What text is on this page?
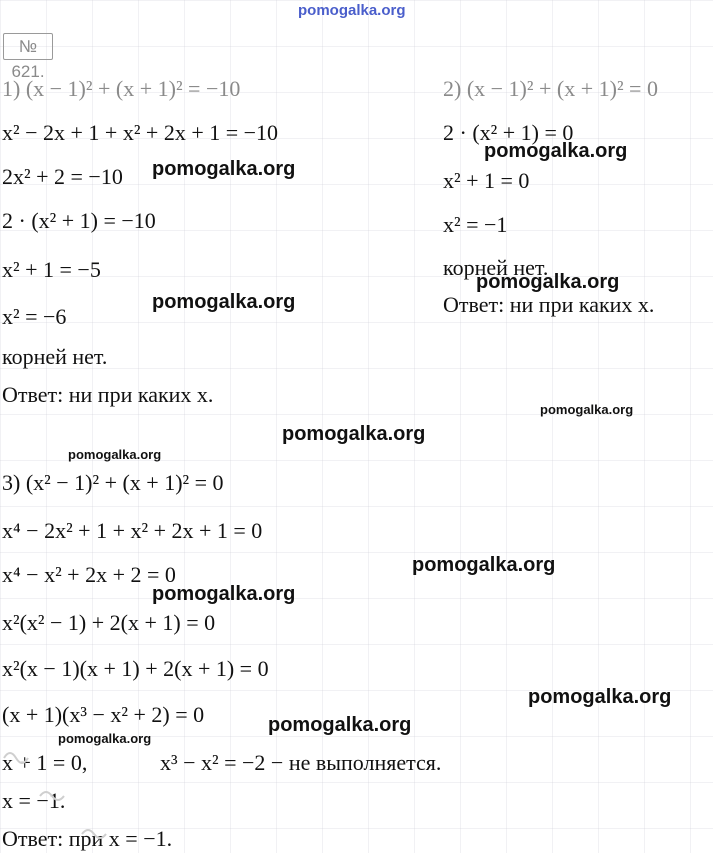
pomogalka.org
№ 621.
1) (x − 1)² + (x + 1)² = −10
x² − 2x + 1 + x² + 2x + 1 = −10
2x² + 2 = −10
2 · (x² + 1) = −10
x² + 1 = −5
x² = −6
корней нет.
Ответ: ни при каких x.
2) (x − 1)² + (x + 1)² = 0
2 · (x² + 1) = 0
x² + 1 = 0
x² = −1
корней нет.
Ответ: ни при каких x.
3) (x² − 1)² + (x + 1)² = 0
x⁴ − 2x² + 1 + x² + 2x + 1 = 0
x⁴ − x² + 2x + 2 = 0
x²(x² − 1) + 2(x + 1) = 0
x²(x − 1)(x + 1) + 2(x + 1) = 0
(x + 1)(x³ − x² + 2) = 0
x + 1 = 0,	x³ − x² = −2 − не выполняется.
x = −1.
Ответ: при x = −1.
pomogalka.org
pomogalka.org
pomogalka.org
pomogalka.org
pomogalka.org
pomogalka.org
pomogalka.org
pomogalka.org
pomogalka.org
pomogalka.org
pomogalka.org
pomogalka.org
